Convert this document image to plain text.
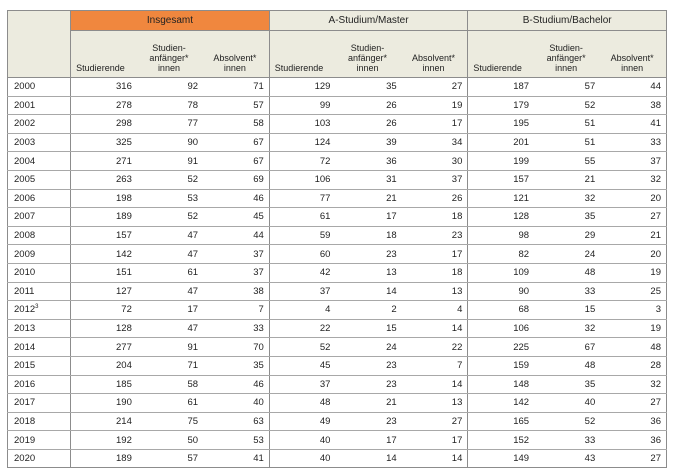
	Insgesamt			A-Studium/Master			B-Studium/Bachelor		
	Studierende	Studien-
anfänger*
innen	Absolvent*
innen	Studierende	Studien-
anfänger*
innen	Absolvent*
innen	Studierende	Studien-
anfänger*
innen	Absolvent*
innen
2000	316	92	71	129	35	27	187	57	44
2001	278	78	57	99	26	19	179	52	38
2002	298	77	58	103	26	17	195	51	41
2003	325	90	67	124	39	34	201	51	33
2004	271	91	67	72	36	30	199	55	37
2005	263	52	69	106	31	37	157	21	32
2006	198	53	46	77	21	26	121	32	20
2007	189	52	45	61	17	18	128	35	27
2008	157	47	44	59	18	23	98	29	21
2009	142	47	37	60	23	17	82	24	20
2010	151	61	37	42	13	18	109	48	19
2011	127	47	38	37	14	13	90	33	25
2012$^3$	72	17	7	4	2	4	68	15	3
2013	128	47	33	22	15	14	106	32	19
2014	277	91	70	52	24	22	225	67	48
2015	204	71	35	45	23	7	159	48	28
2016	185	58	46	37	23	14	148	35	32
2017	190	61	40	48	21	13	142	40	27
2018	214	75	63	49	23	27	165	52	36
2019	192	50	53	40	17	17	152	33	36
2020	189	57	41	40	14	14	149	43	27
